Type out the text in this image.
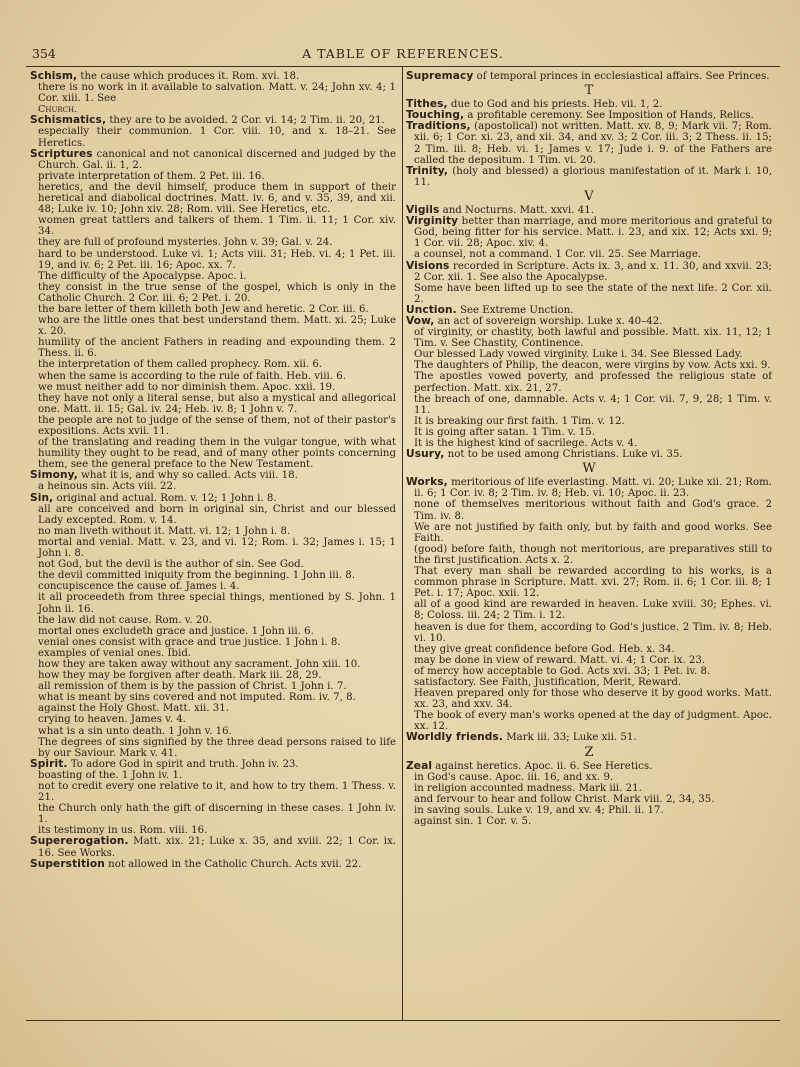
354	A TABLE OF REFERENCES.

Schism, the cause which produces it. Rom. xvi. 18.

there is no work in it available to salvation. Matt. v. 24; John xv. 4; 1 Cor. xiii. 1. See

Church.

Schismatics, they are to be avoided. 2 Cor. vi. 14; 2 Tim. ii. 20, 21.

especially their communion. 1 Cor. viii. 10, and x. 18–21. See Heretics.

Scriptures canonical and not canonical discerned and judged by the Church. Gal. ii. 1, 2.

private interpretation of them. 2 Pet. iii. 16.

heretics, and the devil himself, produce them in support of their heretical and diabolical doctrines. Matt. iv. 6, and v. 35, 39, and xii. 48; Luke iv. 10; John xiv. 28; Rom. viii. See Heretics, etc.

women great tattlers and talkers of them. 1 Tim. ii. 11; 1 Cor. xiv. 34.

they are full of profound mysteries. John v. 39; Gal. v. 24.

hard to be understood. Luke vi. 1; Acts viii. 31; Heb. vi. 4; 1 Pet. iii. 19, and iv. 6; 2 Pet. iii. 16; Apoc. xx. 7.

The difficulty of the Apocalypse. Apoc. i.

they consist in the true sense of the gospel, which is only in the Catholic Church. 2 Cor. iii. 6; 2 Pet. i. 20.

the bare letter of them killeth both Jew and heretic. 2 Cor. iii. 6.

who are the little ones that best understand them. Matt. xi. 25; Luke x. 20.

humility of the ancient Fathers in reading and expounding them. 2 Thess. ii. 6.

the interpretation of them called prophecy. Rom. xii. 6.

when the same is according to the rule of faith. Heb. viii. 6.

we must neither add to nor diminish them. Apoc. xxii. 19.

they have not only a literal sense, but also a mystical and allegorical one. Matt. ii. 15; Gal. iv. 24; Heb. iv. 8; 1 John v. 7.

the people are not to judge of the sense of them, not of their pastor's expositions. Acts xvii. 11.

of the translating and reading them in the vulgar tongue, with what humility they ought to be read, and of many other points concerning them, see the general preface to the New Testament.

Simony, what it is, and why so called. Acts viii. 18.

a heinous sin. Acts viii. 22.

Sin, original and actual. Rom. v. 12; 1 John i. 8.

all are conceived and born in original sin, Christ and our blessed Lady excepted. Rom. v. 14.

no man liveth without it. Matt. vi. 12; 1 John i. 8.

mortal and venial. Matt. v. 23, and vi. 12; Rom. i. 32; James i. 15; 1 John i. 8.

not God, but the devil is the author of sin. See God.

the devil committed iniquity from the beginning. 1 John iii. 8.

concupiscence the cause of. James i. 4.

it all proceedeth from three special things, mentioned by S. John. 1 John ii. 16.

the law did not cause. Rom. v. 20.

mortal ones excludeth grace and justice. 1 John iii. 6.

venial ones consist with grace and true justice. 1 John i. 8.

examples of venial ones. Ibid.

how they are taken away without any sacrament. John xiii. 10.

how they may be forgiven after death. Mark iii. 28, 29.

all remission of them is by the passion of Christ. 1 John i. 7.

what is meant by sins covered and not imputed. Rom. iv. 7, 8.

against the Holy Ghost. Matt. xii. 31.

crying to heaven. James v. 4.

what is a sin unto death. 1 John v. 16.

The degrees of sins signified by the three dead persons raised to life by our Saviour. Mark v. 41.

Spirit. To adore God in spirit and truth. John iv. 23.

boasting of the. 1 John iv. 1.

not to credit every one relative to it, and how to try them. 1 Thess. v. 21.

the Church only hath the gift of discerning in these cases. 1 John iv. 1.

its testimony in us. Rom. viii. 16.

Supererogation. Matt. xix. 21; Luke x. 35, and xviii. 22; 1 Cor. ix. 16. See Works.

Superstition not allowed in the Catholic Church. Acts xvii. 22.

Supremacy of temporal princes in ecclesiastical affairs. See Princes.

T

Tithes, due to God and his priests. Heb. vii. 1, 2.

Touching, a profitable ceremony. See Imposition of Hands, Relics.

Traditions, (apostolical) not written. Matt. xv. 8, 9; Mark vii. 7; Rom. xii. 6; 1 Cor. xi. 23, and xii. 34, and xv. 3; 2 Cor. iii. 3; 2 Thess. ii. 15; 2 Tim. iii. 8; Heb. vi. 1; James v. 17; Jude i. 9. of the Fathers are called the depositum. 1 Tim. vi. 20.

Trinity, (holy and blessed) a glorious manifestation of it. Mark i. 10, 11.

V

Vigils and Nocturns. Matt. xxvi. 41.

Virginity better than marriage, and more meritorious and grateful to God, being fitter for his service. Matt. i. 23, and xix. 12; Acts xxi. 9; 1 Cor. vii. 28; Apoc. xiv. 4.

a counsel, not a command. 1 Cor. vii. 25. See Marriage.

Visions recorded in Scripture. Acts ix. 3, and x. 11. 30, and xxvii. 23; 2 Cor. xii. 1. See also the Apocalypse.

Some have been lifted up to see the state of the next life. 2 Cor. xii. 2.

Unction. See Extreme Unction.

Vow, an act of sovereign worship. Luke x. 40–42.

of virginity, or chastity, both lawful and possible. Matt. xix. 11, 12; 1 Tim. v. See Chastity, Continence.

Our blessed Lady vowed virginity. Luke i. 34. See Blessed Lady.

The daughters of Philip, the deacon, were virgins by vow. Acts xxi. 9.

The apostles vowed poverty, and professed the religious state of perfection. Matt. xix. 21, 27.

the breach of one, damnable. Acts v. 4; 1 Cor. vii. 7, 9, 28; 1 Tim. v. 11.

It is breaking our first faith. 1 Tim. v. 12.

It is going after satan. 1 Tim. v. 15.

It is the highest kind of sacrilege. Acts v. 4.

Usury, not to be used among Christians. Luke vi. 35.

W

Works, meritorious of life everlasting. Matt. vi. 20; Luke xii. 21; Rom. ii. 6; 1 Cor. iv. 8; 2 Tim. iv. 8; Heb. vi. 10; Apoc. ii. 23.

none of themselves meritorious without faith and God's grace. 2 Tim. iv. 8.

We are not justified by faith only, but by faith and good works. See Faith.

(good) before faith, though not meritorious, are preparatives still to the first justification. Acts x. 2.

That every man shall be rewarded according to his works, is a common phrase in Scripture. Matt. xvi. 27; Rom. ii. 6; 1 Cor. iii. 8; 1 Pet. i. 17; Apoc. xxii. 12.

all of a good kind are rewarded in heaven. Luke xviii. 30; Ephes. vi. 8; Coloss. iii. 24; 2 Tim. i. 12.

heaven is due for them, according to God's justice. 2 Tim. iv. 8; Heb. vi. 10.

they give great confidence before God. Heb. x. 34.

may be done in view of reward. Matt. vi. 4; 1 Cor. ix. 23.

of mercy how acceptable to God. Acts xvi. 33; 1 Pet. iv. 8.

satisfactory. See Faith, Justification, Merit, Reward.

Heaven prepared only for those who deserve it by good works. Matt. xx. 23, and xxv. 34.

The book of every man's works opened at the day of judgment. Apoc. xx. 12.

Worldly friends. Mark iii. 33; Luke xii. 51.

Z

Zeal against heretics. Apoc. ii. 6. See Heretics.

in God's cause. Apoc. iii. 16, and xx. 9.

in religion accounted madness. Mark iii. 21.

and fervour to hear and follow Christ. Mark viii. 2, 34, 35.

in saving souls. Luke v. 19, and xv. 4; Phil. ii. 17.

against sin. 1 Cor. v. 5.
